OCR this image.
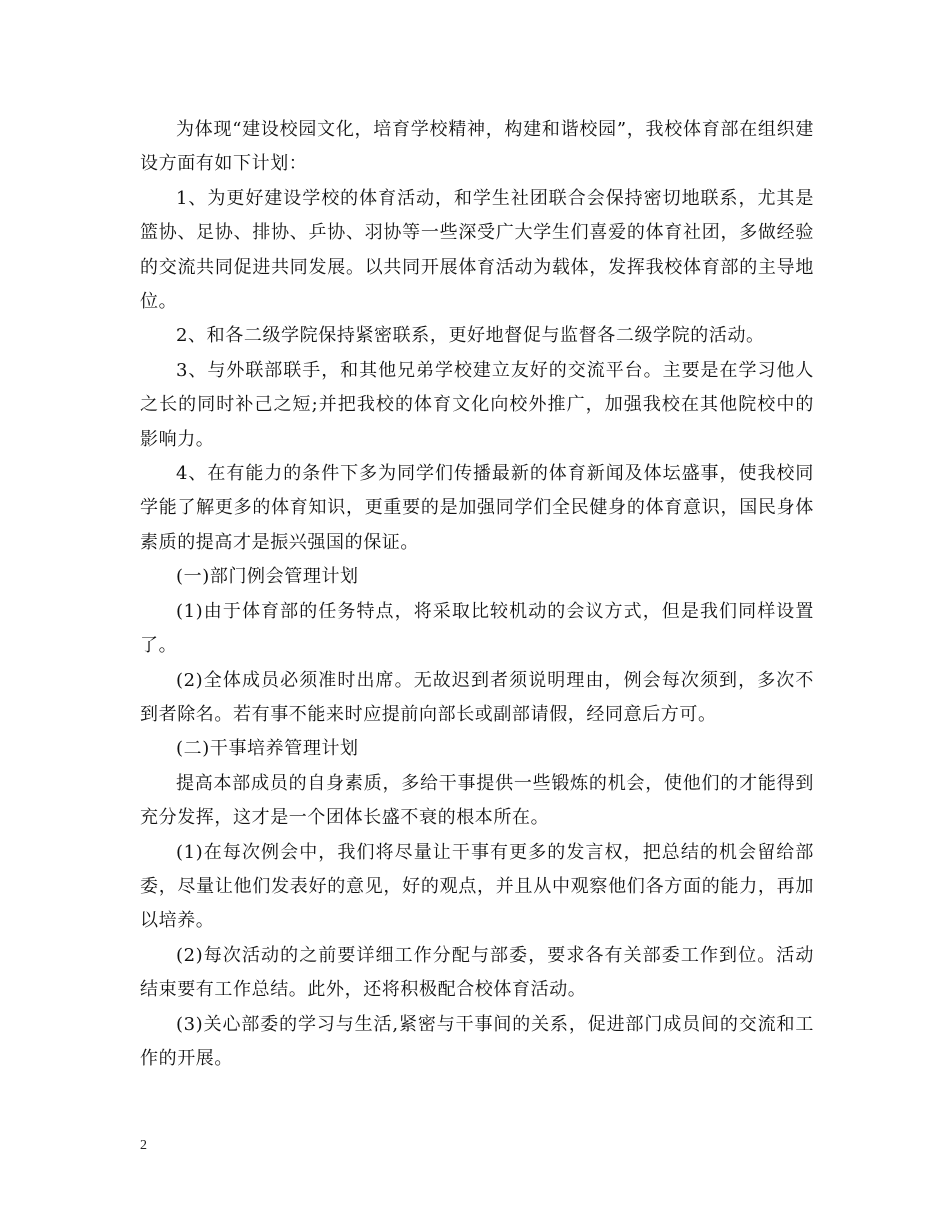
为体现“建设校园文化，培育学校精神，构建和谐校园”，我校体育部在组织建设方面有如下计划：

1、为更好建设学校的体育活动，和学生社团联合会保持密切地联系，尤其是篮协、足协、排协、乒协、羽协等一些深受广大学生们喜爱的体育社团，多做经验的交流共同促进共同发展。以共同开展体育活动为载体，发挥我校体育部的主导地位。

2、和各二级学院保持紧密联系，更好地督促与监督各二级学院的活动。

3、与外联部联手，和其他兄弟学校建立友好的交流平台。主要是在学习他人之长的同时补己之短;并把我校的体育文化向校外推广，加强我校在其他院校中的影响力。

4、在有能力的条件下多为同学们传播最新的体育新闻及体坛盛事，使我校同学能了解更多的体育知识，更重要的是加强同学们全民健身的体育意识，国民身体素质的提高才是振兴强国的保证。

(一)部门例会管理计划

(1)由于体育部的任务特点，将采取比较机动的会议方式，但是我们同样设置了。

(2)全体成员必须准时出席。无故迟到者须说明理由，例会每次须到，多次不到者除名。若有事不能来时应提前向部长或副部请假，经同意后方可。

(二)干事培养管理计划

提高本部成员的自身素质，多给干事提供一些锻炼的机会，使他们的才能得到充分发挥，这才是一个团体长盛不衰的根本所在。

(1)在每次例会中，我们将尽量让干事有更多的发言权，把总结的机会留给部委，尽量让他们发表好的意见，好的观点，并且从中观察他们各方面的能力，再加以培养。

(2)每次活动的之前要详细工作分配与部委，要求各有关部委工作到位。活动结束要有工作总结。此外，还将积极配合校体育活动。

(3)关心部委的学习与生活,紧密与干事间的关系，促进部门成员间的交流和工作的开展。

2
